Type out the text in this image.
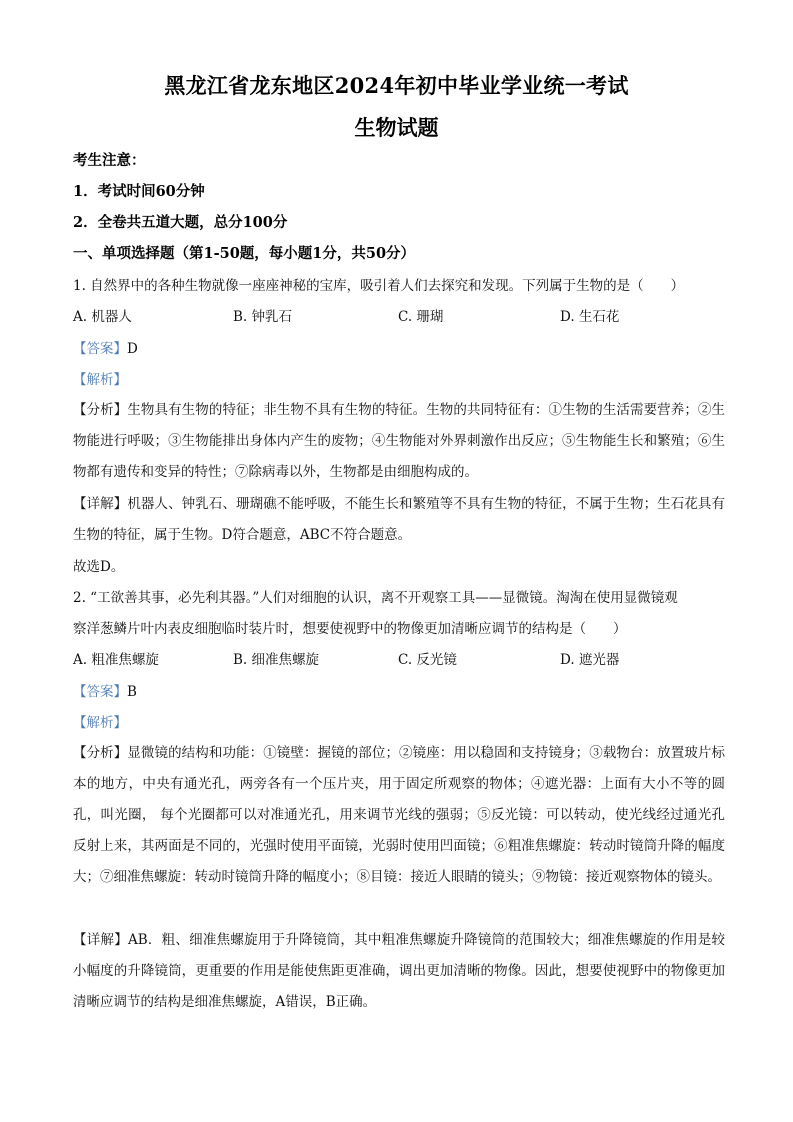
黑龙江省龙东地区2024年初中毕业学业统一考试
生物试题
考生注意：
1．考试时间60分钟
2．全卷共五道大题，总分100分
一、单项选择题（第1-50题，每小题1分，共50分）
1. 自然界中的各种生物就像一座座神秘的宝库，吸引着人们去探究和发现。下列属于生物的是（　　）
A. 机器人	B. 钟乳石	C. 珊瑚	D. 生石花
【答案】D
【解析】
【分析】生物具有生物的特征；非生物不具有生物的特征。生物的共同特征有：①生物的生活需要营养；②生物能进行呼吸；③生物能排出身体内产生的废物；④生物能对外界刺激作出反应；⑤生物能生长和繁殖；⑥生物都有遗传和变异的特性；⑦除病毒以外，生物都是由细胞构成的。
【详解】机器人、钟乳石、珊瑚礁不能呼吸，不能生长和繁殖等不具有生物的特征，不属于生物；生石花具有生物的特征，属于生物。D符合题意，ABC不符合题意。
故选D。
2. “工欲善其事，必先利其器。”人们对细胞的认识，离不开观察工具——显微镜。淘淘在使用显微镜观
察洋葱鳞片叶内表皮细胞临时装片时，想要使视野中的物像更加清晰应调节的结构是（　　）
A. 粗准焦螺旋	B. 细准焦螺旋	C. 反光镜	D. 遮光器
【答案】B
【解析】
【分析】显微镜的结构和功能：①镜壁：握镜的部位；②镜座：用以稳固和支持镜身；③载物台：放置玻片标本的地方，中央有通光孔，两旁各有一个压片夹，用于固定所观察的物体；④遮光器：上面有大小不等的圆孔，叫光圈， 每个光圈都可以对准通光孔，用来调节光线的强弱；⑤反光镜：可以转动，使光线经过通光孔反射上来，其两面是不同的，光强时使用平面镜，光弱时使用凹面镜；⑥粗准焦螺旋：转动时镜筒升降的幅度大；⑦细准焦螺旋：转动时镜筒升降的幅度小；⑧目镜：接近人眼睛的镜头；⑨物镜：接近观察物体的镜头。
【详解】AB．粗、细准焦螺旋用于升降镜筒，其中粗准焦螺旋升降镜筒的范围较大；细准焦螺旋的作用是较小幅度的升降镜筒，更重要的作用是能使焦距更准确，调出更加清晰的物像。因此，想要使视野中的物像更加清晰应调节的结构是细准焦螺旋，A错误，B正确。
